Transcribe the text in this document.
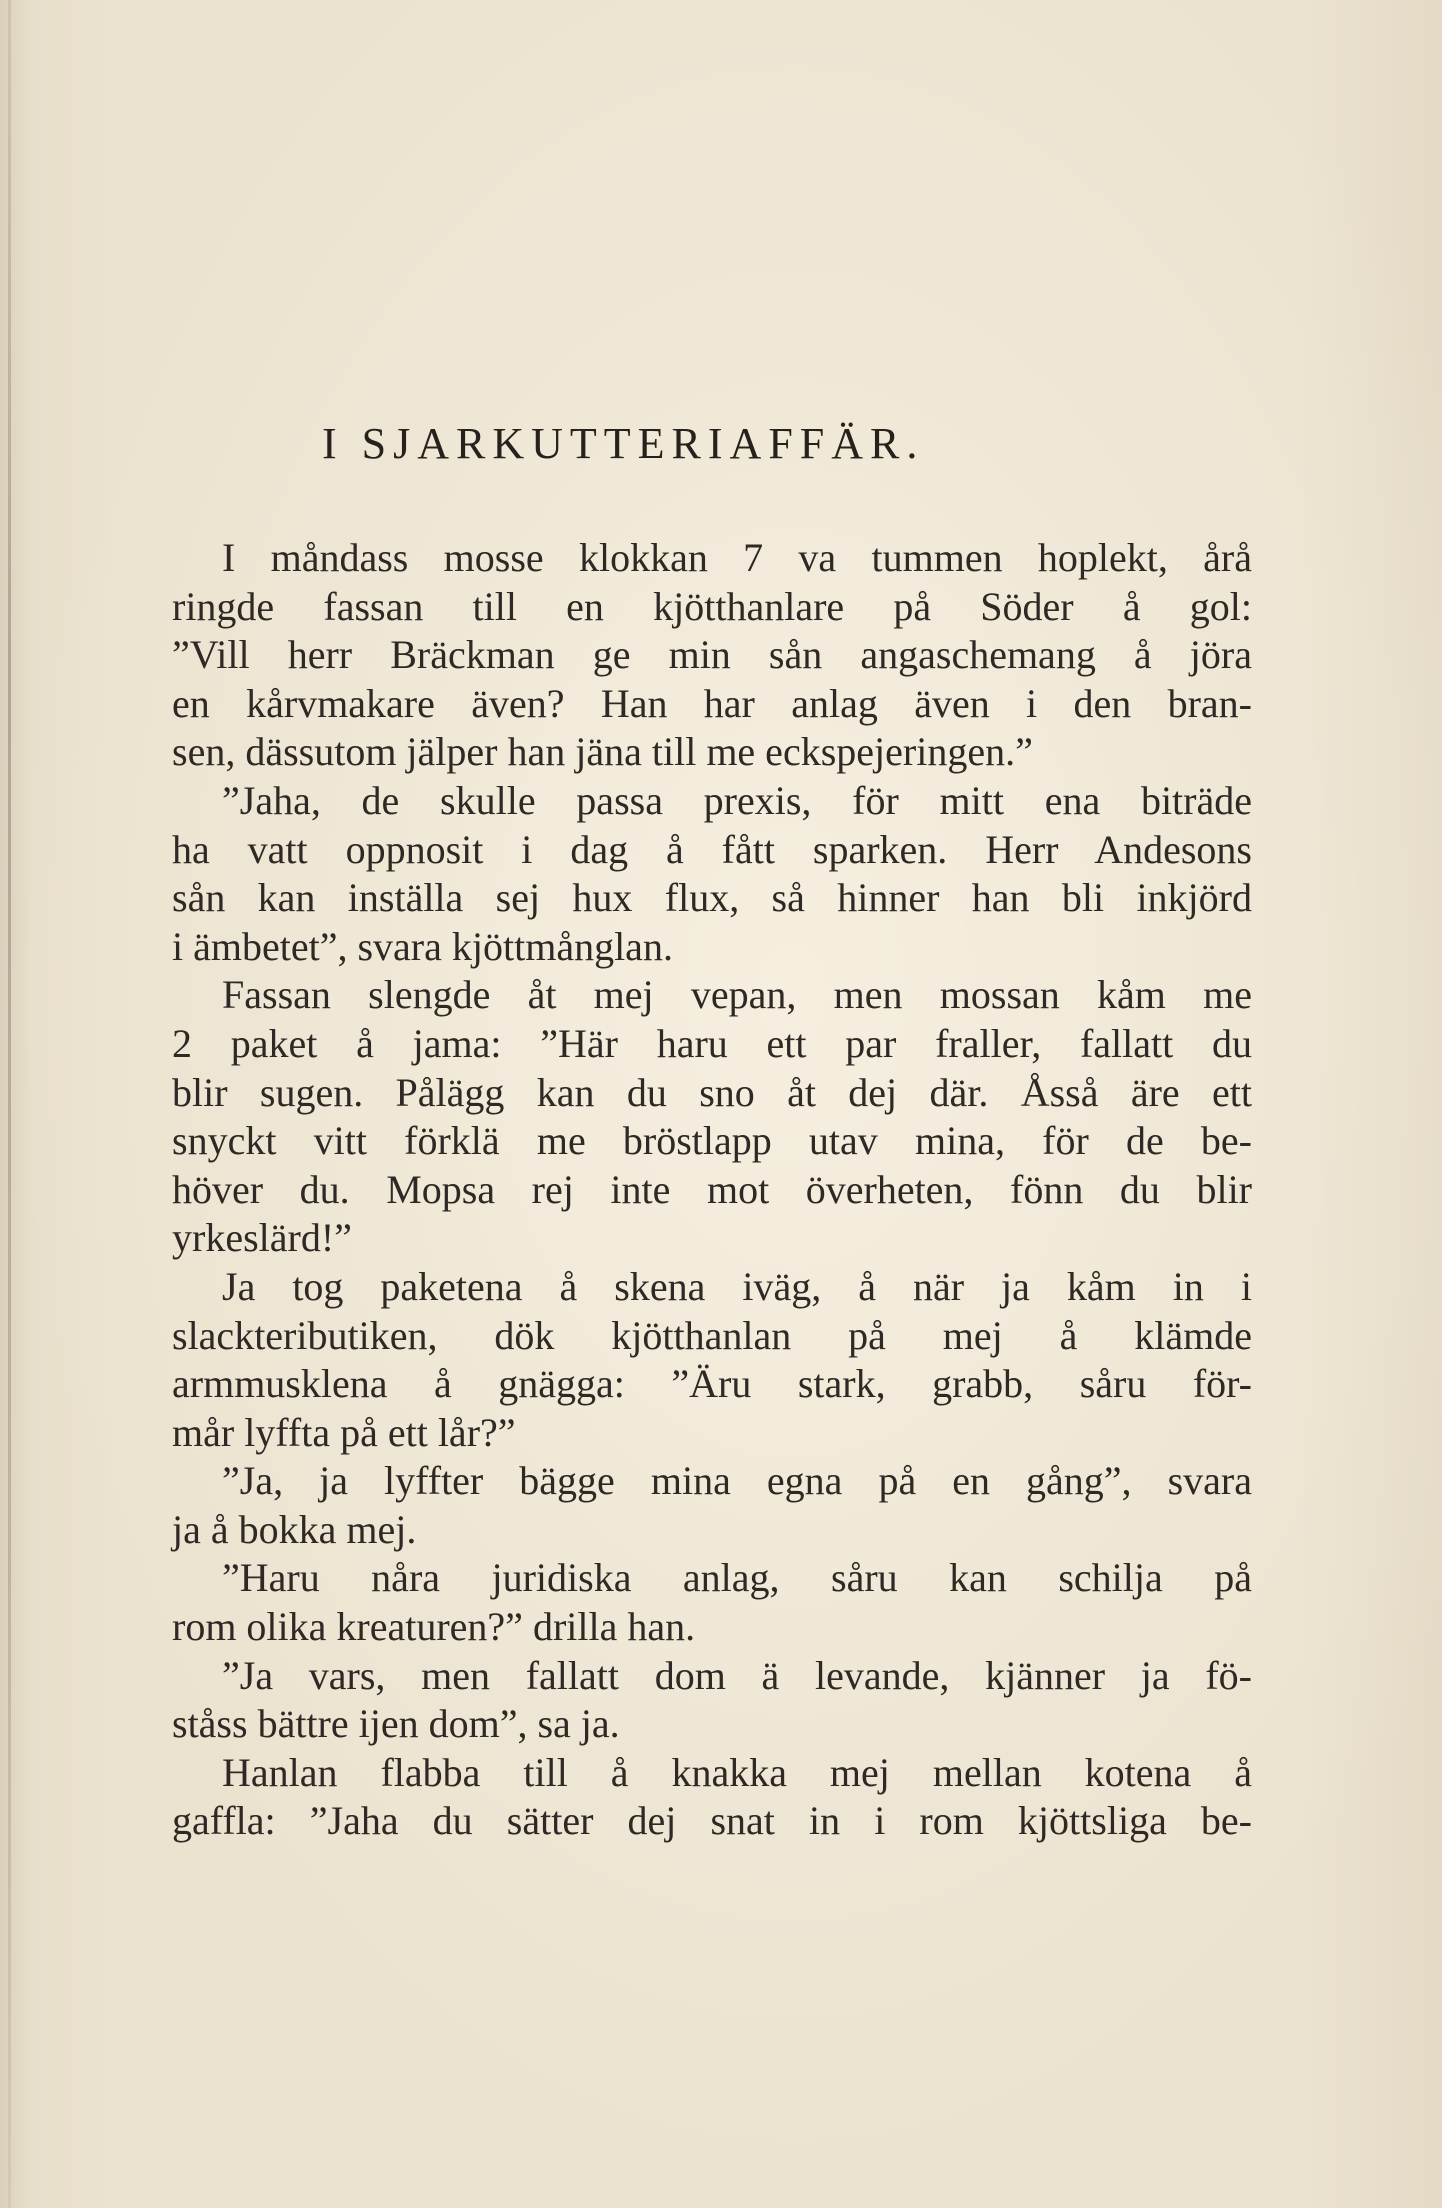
I SJARKUTTERIAFFÄR.
I måndass mosse klokkan 7 va tummen hoplekt, årå
ringde fassan till en kjötthanlare på Söder å gol:
”Vill herr Bräckman ge min sån angaschemang å jöra
en kårvmakare även? Han har anlag även i den bran-
sen, dässutom jälper han jäna till me eckspejeringen.”
”Jaha, de skulle passa prexis, för mitt ena biträde
ha vatt oppnosit i dag å fått sparken. Herr Andesons
sån kan inställa sej hux flux, så hinner han bli inkjörd
i ämbetet”, svara kjöttmånglan.
Fassan slengde åt mej vepan, men mossan kåm me
2 paket å jama: ”Här haru ett par fraller, fallatt du
blir sugen. Pålägg kan du sno åt dej där. Åsså äre ett
snyckt vitt förklä me bröstlapp utav mina, för de be-
höver du. Mopsa rej inte mot överheten, fönn du blir
yrkeslärd!”
Ja tog paketena å skena iväg, å när ja kåm in i
slackteributiken, dök kjötthanlan på mej å klämde
armmusklena å gnägga: ”Äru stark, grabb, såru för-
mår lyffta på ett lår?”
”Ja, ja lyffter bägge mina egna på en gång”, svara
ja å bokka mej.
”Haru nåra juridiska anlag, såru kan schilja på
rom olika kreaturen?” drilla han.
”Ja vars, men fallatt dom ä levande, kjänner ja fö-
ståss bättre ijen dom”, sa ja.
Hanlan flabba till å knakka mej mellan kotena å
gaffla: ”Jaha du sätter dej snat in i rom kjöttsliga be-
